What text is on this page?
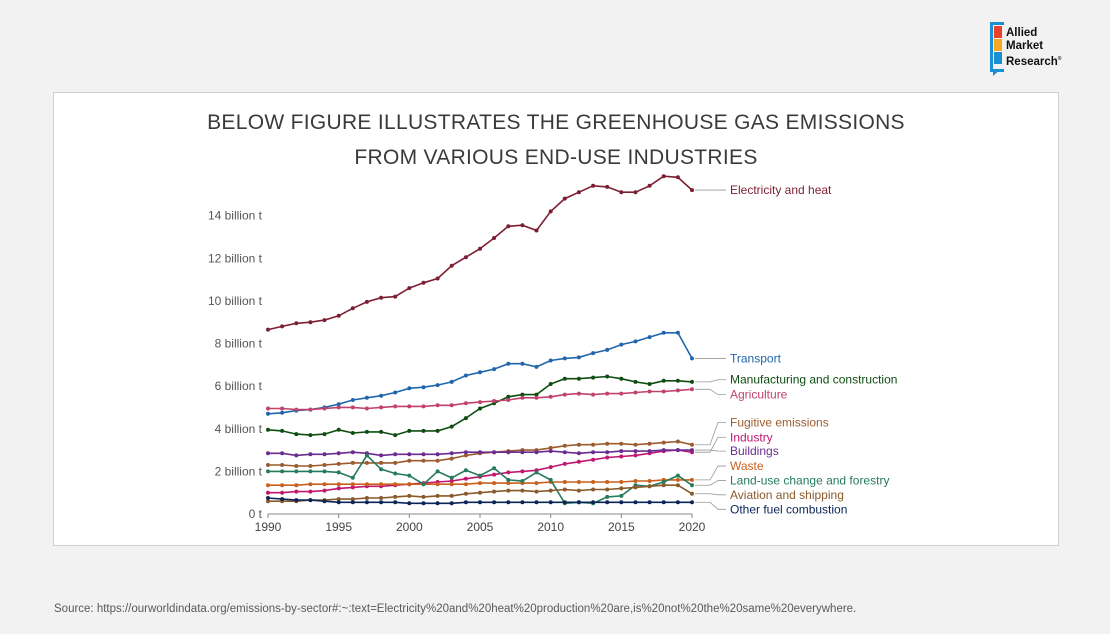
Allied
Market
Research®
BELOW FIGURE ILLUSTRATES THE GREENHOUSE GAS EMISSIONS
FROM VARIOUS END-USE INDUSTRIES
0 t
2 billion t
4 billion t
6 billion t
8 billion t
10 billion t
12 billion t
14 billion t
1990	1995	2000	2005	2010	2015	2020
Electricity and heat
Transport
Manufacturing and construction
Agriculture
Fugitive emissions
Industry
Buildings
Waste
Land-use change and forestry
Aviation and shipping
Other fuel combustion
Source: https://ourworldindata.org/emissions-by-sector#:~:text=Electricity%20and%20heat%20production%20are,is%20not%20the%20same%20everywhere.
